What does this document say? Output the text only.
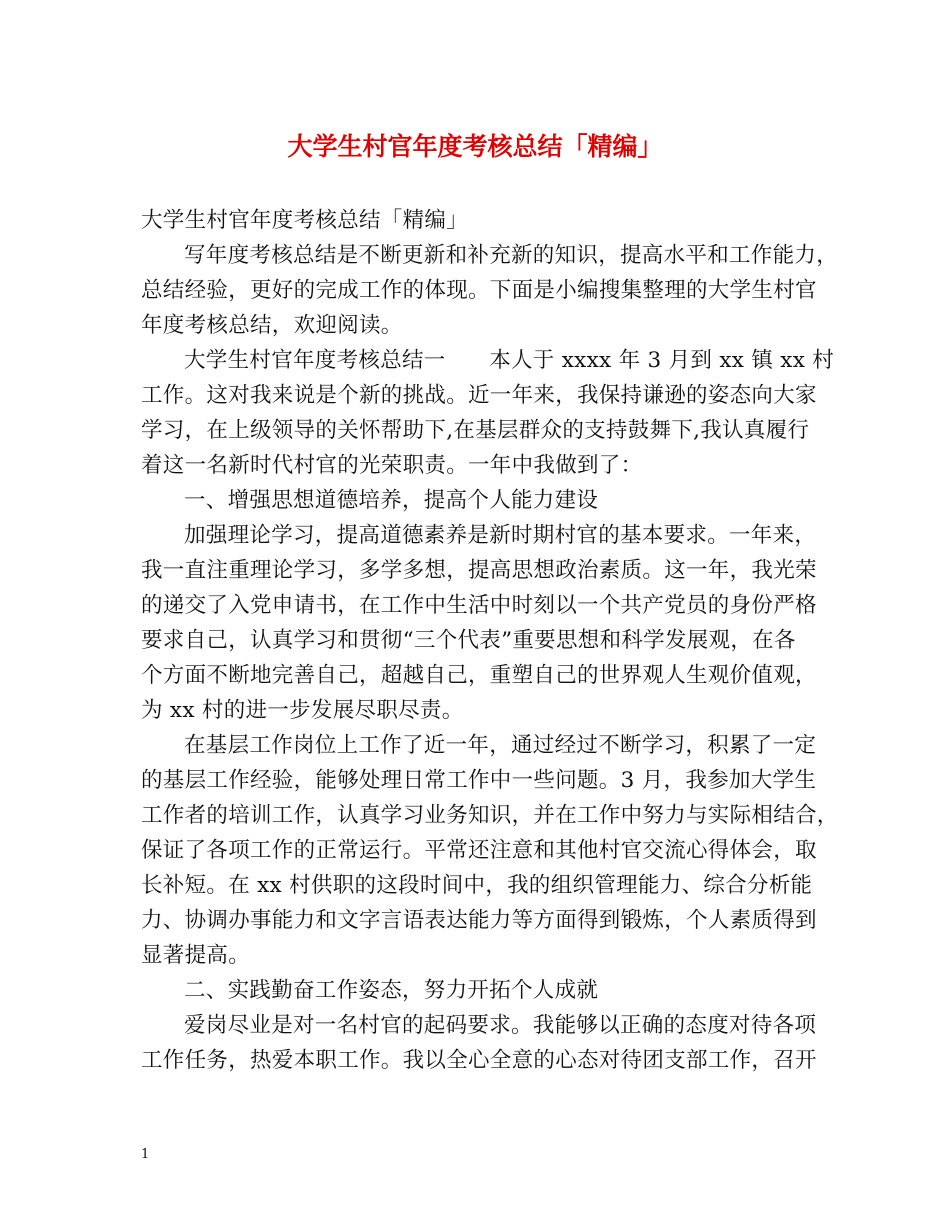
大学生村官年度考核总结「精编」
大学生村官年度考核总结「精编」
写年度考核总结是不断更新和补充新的知识，提高水平和工作能力，
总结经验，更好的完成工作的体现。下面是小编搜集整理的大学生村官
年度考核总结，欢迎阅读。
大学生村官年度考核总结一　　本人于 xxxx 年 3 月到 xx 镇 xx 村
工作。这对我来说是个新的挑战。近一年来，我保持谦逊的姿态向大家
学习，在上级领导的关怀帮助下,在基层群众的支持鼓舞下,我认真履行
着这一名新时代村官的光荣职责。一年中我做到了：
一、增强思想道德培养，提高个人能力建设
加强理论学习，提高道德素养是新时期村官的基本要求。一年来，
我一直注重理论学习，多学多想，提高思想政治素质。这一年，我光荣
的递交了入党申请书，在工作中生活中时刻以一个共产党员的身份严格
要求自己，认真学习和贯彻“三个代表”重要思想和科学发展观，在各
个方面不断地完善自己，超越自己，重塑自己的世界观人生观价值观，
为 xx 村的进一步发展尽职尽责。
在基层工作岗位上工作了近一年，通过经过不断学习，积累了一定
的基层工作经验，能够处理日常工作中一些问题。3 月，我参加大学生
工作者的培训工作，认真学习业务知识，并在工作中努力与实际相结合，
保证了各项工作的正常运行。平常还注意和其他村官交流心得体会，取
长补短。在 xx 村供职的这段时间中，我的组织管理能力、综合分析能
力、协调办事能力和文字言语表达能力等方面得到锻炼，个人素质得到
显著提高。
二、实践勤奋工作姿态，努力开拓个人成就
爱岗尽业是对一名村官的起码要求。我能够以正确的态度对待各项
工作任务，热爱本职工作。我以全心全意的心态对待团支部工作，召开
1
